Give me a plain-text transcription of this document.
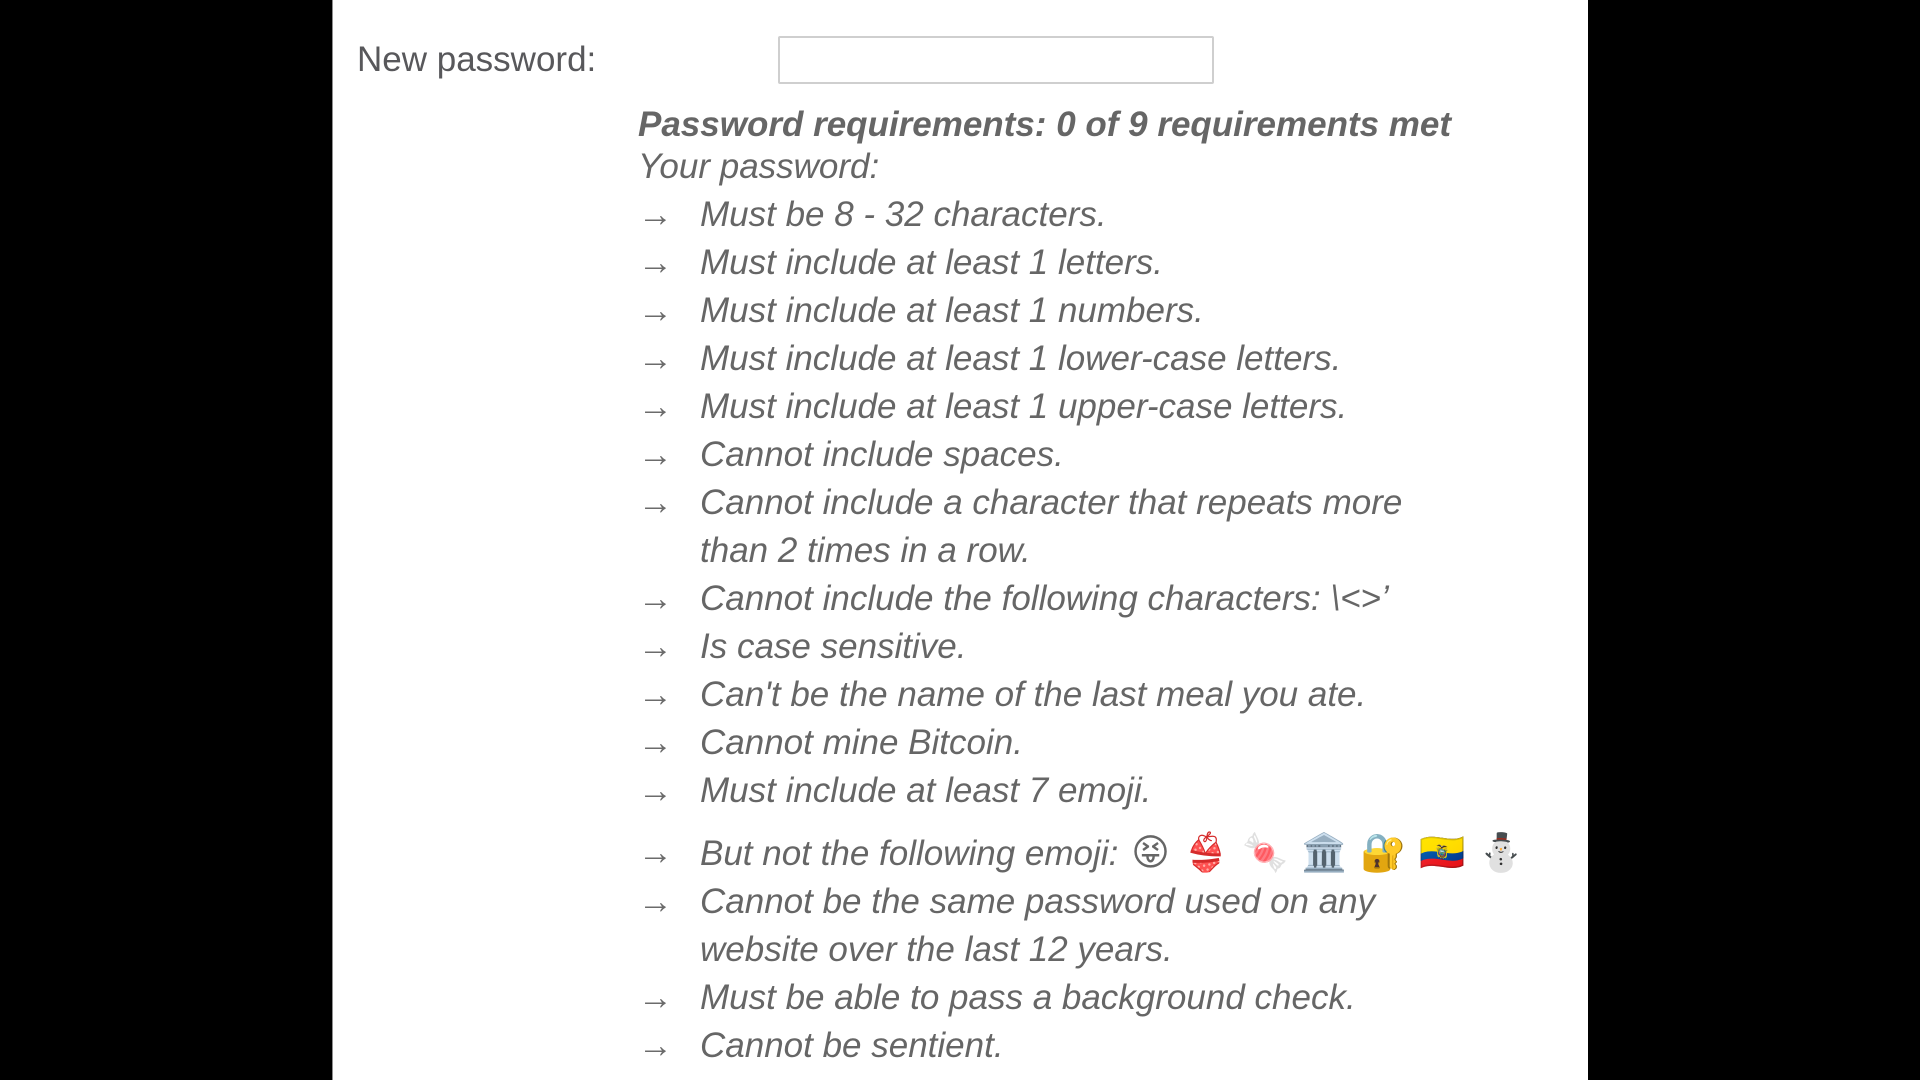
New password:
Password requirements: 0 of 9 requirements met
Your password:
→ Must be 8 - 32 characters.
→ Must include at least 1 letters.
→ Must include at least 1 numbers.
→ Must include at least 1 lower-case letters.
→ Must include at least 1 upper-case letters.
→ Cannot include spaces.
→ Cannot include a character that repeats more than 2 times in a row.
→ Cannot include the following characters: \<>’
→ Is case sensitive.
→ Can't be the name of the last meal you ate.
→ Cannot mine Bitcoin.
→ Must include at least 7 emoji.
→ But not the following emoji: 😝 👙 🍬 🏛️ 🔐 🇪🇨 ⛄️
→ Cannot be the same password used on any website over the last 12 years.
→ Must be able to pass a background check.
→ Cannot be sentient.
